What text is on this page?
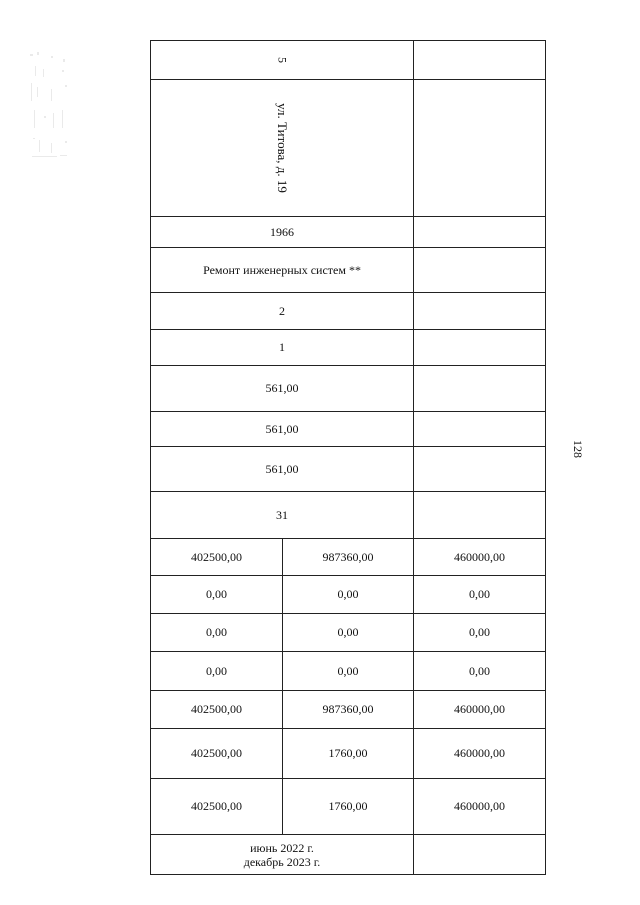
128
5		

ул. Титова, д. 19		

1966		
Ремонт инженерных систем **		
2		
1		
561,00		
561,00		
561,00		
31		
402500,00	987360,00	460000,00
0,00	0,00	0,00
0,00	0,00	0,00
0,00	0,00	0,00
402500,00	987360,00	460000,00
402500,00	1760,00	460000,00
402500,00	1760,00	460000,00

июнь 2022 г.
декабрь 2023 г.		
